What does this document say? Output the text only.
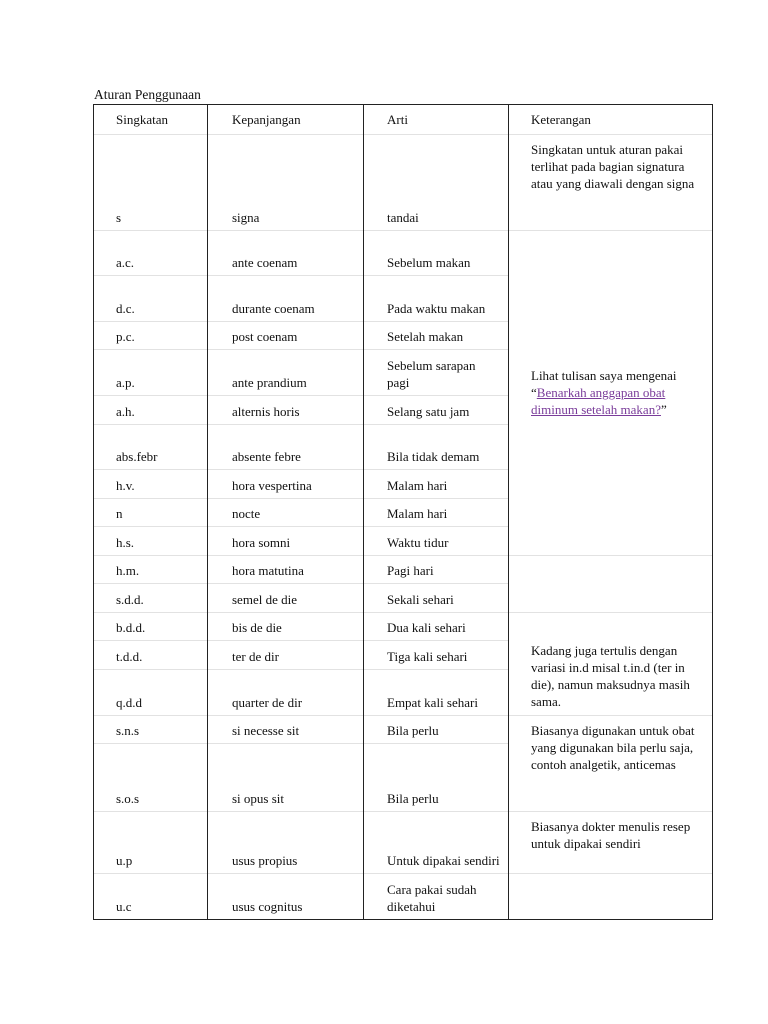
Aturan Penggunaan
Singkatan	Kepanjangan	Arti	Keterangan
s	signa	tandai	Singkatan untuk aturan pakai terlihat pada bagian signatura atau yang diawali dengan signa
a.c.	ante coenam	Sebelum makan	Lihat tulisan saya mengenai “Benarkah anggapan obat diminum setelah makan?”
d.c.	durante coenam	Pada waktu makan	
p.c.	post coenam	Setelah makan	
a.p.	ante prandium	Sebelum sarapan pagi	
a.h.	alternis horis	Selang satu jam	
abs.febr	absente febre	Bila tidak demam	
h.v.	hora vespertina	Malam hari	
n	nocte	Malam hari	
h.s.	hora somni	Waktu tidur	
h.m.	hora matutina	Pagi hari	
s.d.d.	semel de die	Sekali sehari	
b.d.d.	bis de die	Dua kali sehari	Kadang juga tertulis dengan variasi in.d misal t.in.d (ter in die), namun maksudnya masih sama.
t.d.d.	ter de dir	Tiga kali sehari	
q.d.d	quarter de dir	Empat kali sehari	
s.n.s	si necesse sit	Bila perlu	Biasanya digunakan untuk obat yang digunakan bila perlu saja, contoh analgetik, anticemas
s.o.s	si opus sit	Bila perlu	
u.p	usus propius	Untuk dipakai sendiri	Biasanya dokter menulis resep untuk dipakai sendiri
u.c	usus cognitus	Cara pakai sudah diketahui	
